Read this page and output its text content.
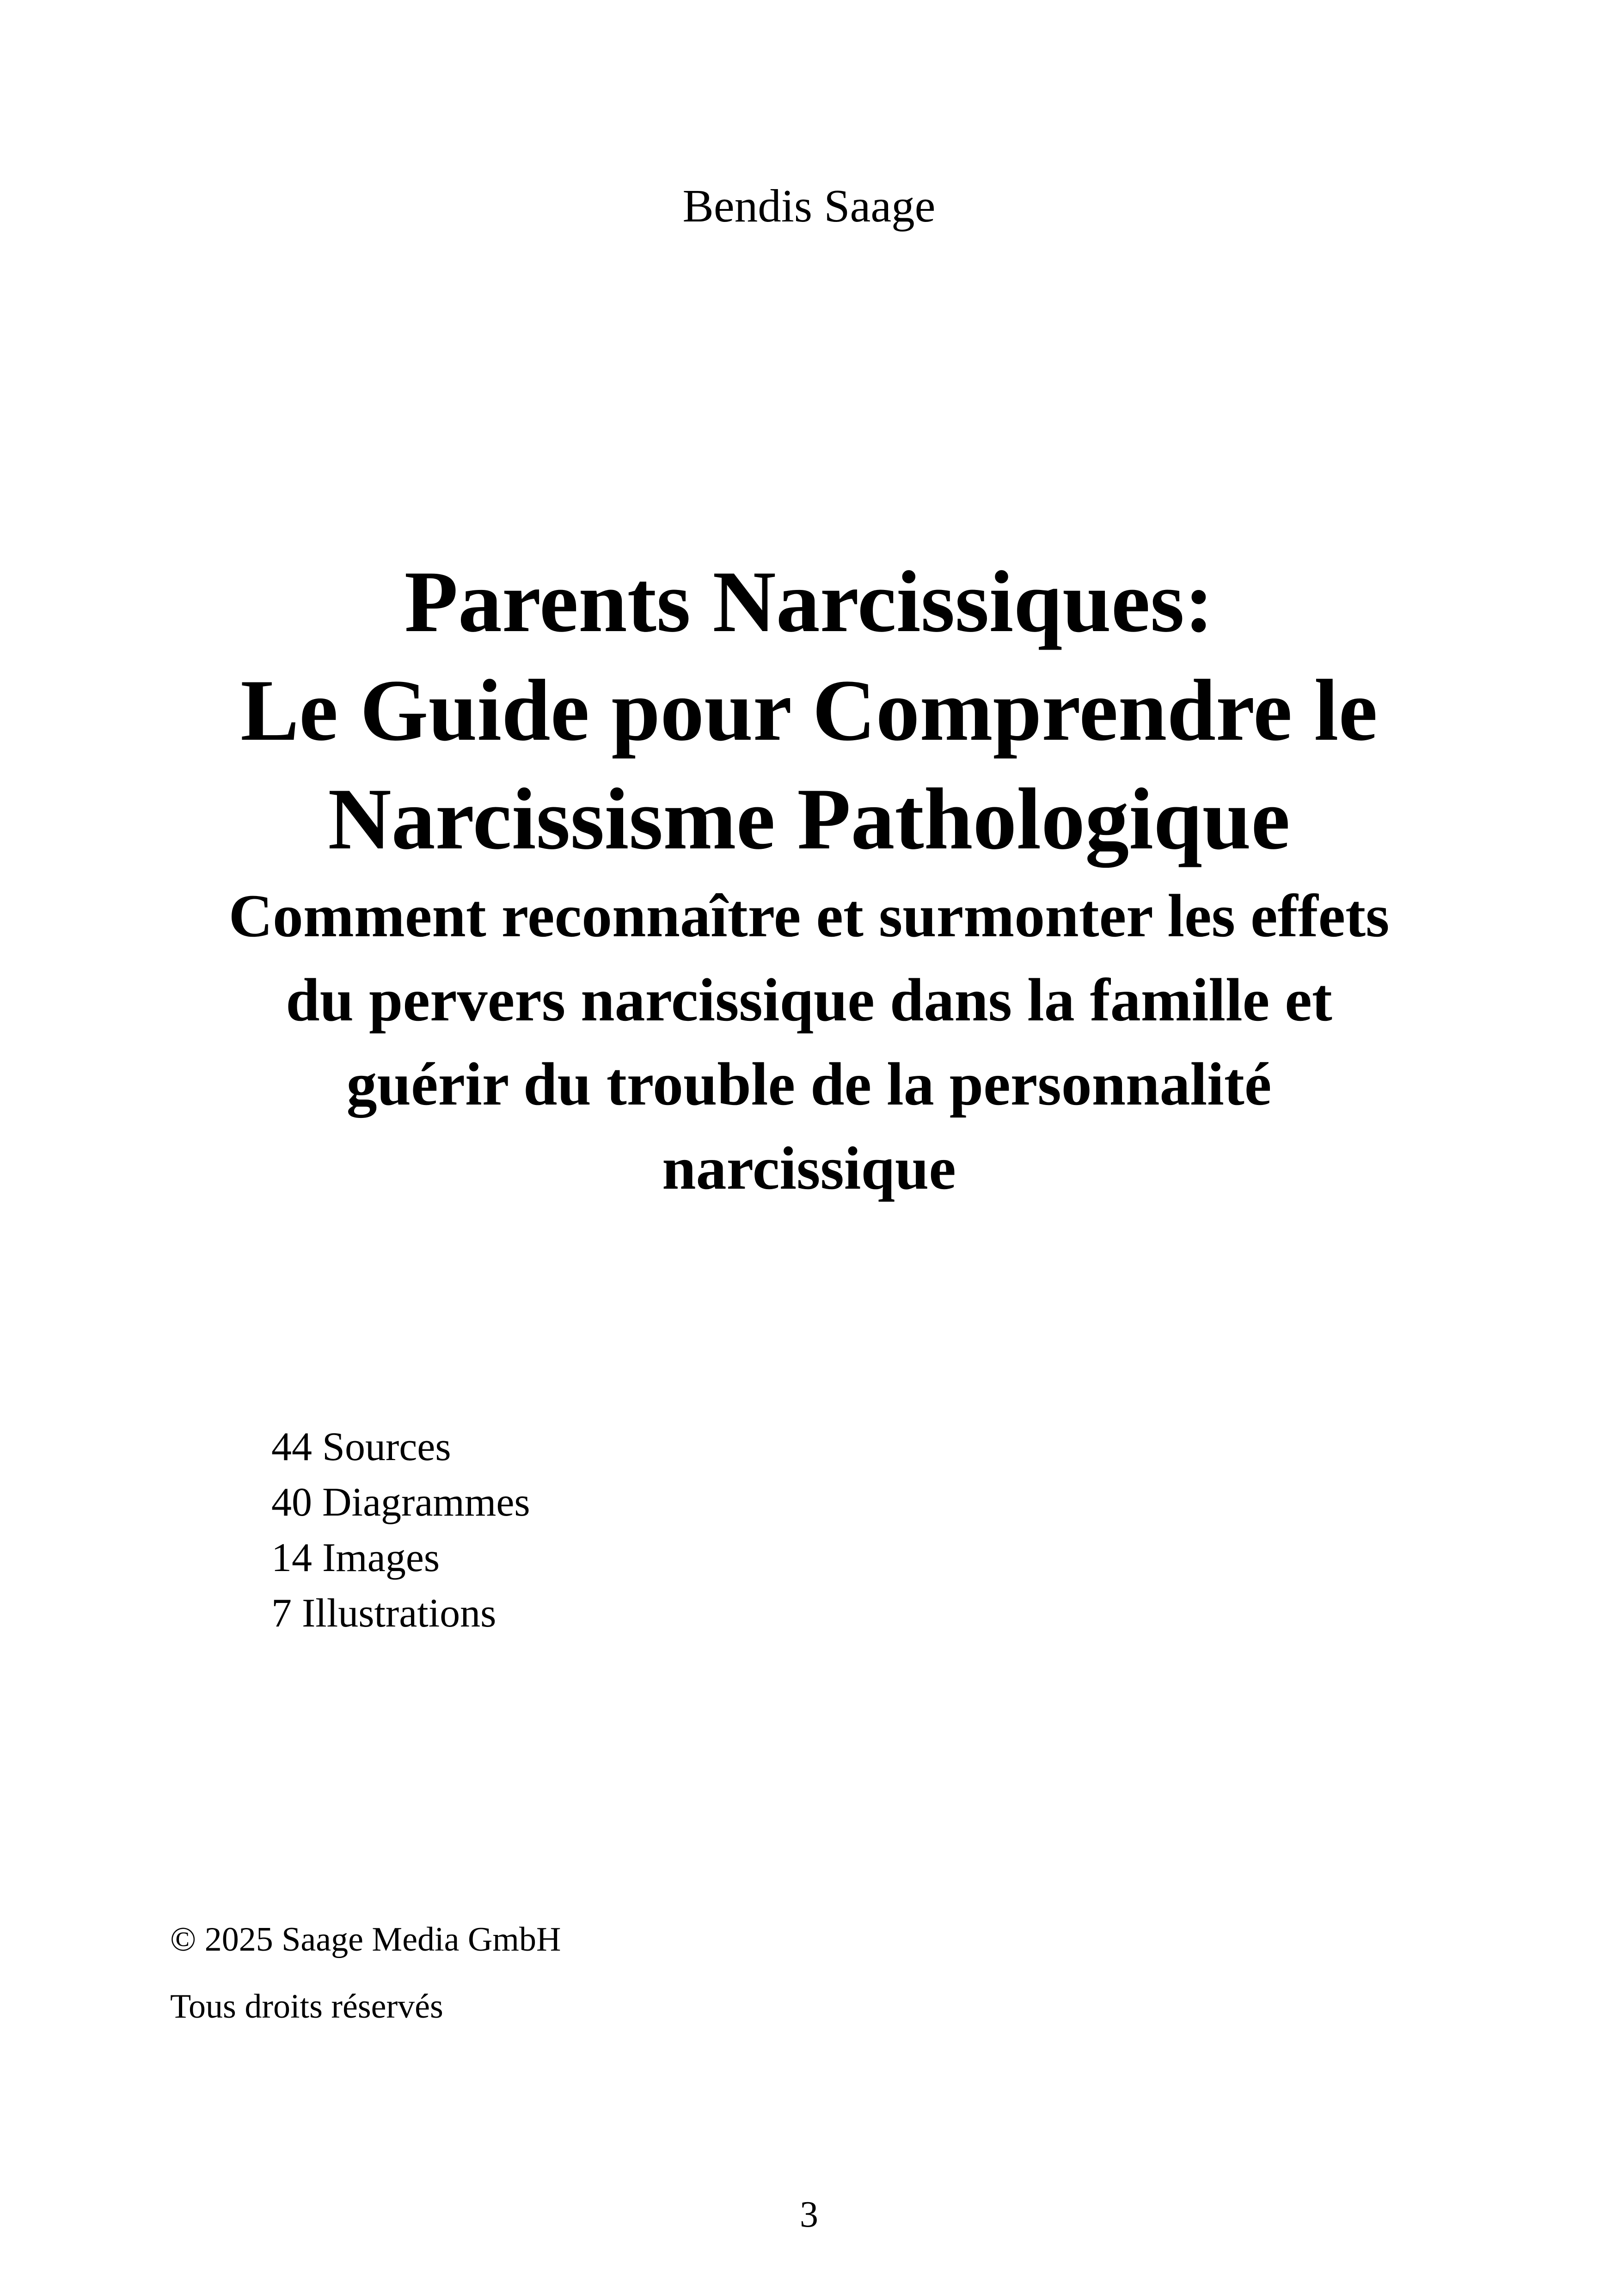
Bendis Saage
Parents Narcissiques:
Le Guide pour Comprendre le
Narcissisme Pathologique
Comment reconnaître et surmonter les effets
du pervers narcissique dans la famille et
guérir du trouble de la personnalité
narcissique
44 Sources
40 Diagrammes
14 Images
7 Illustrations
© 2025 Saage Media GmbH
Tous droits réservés
3
